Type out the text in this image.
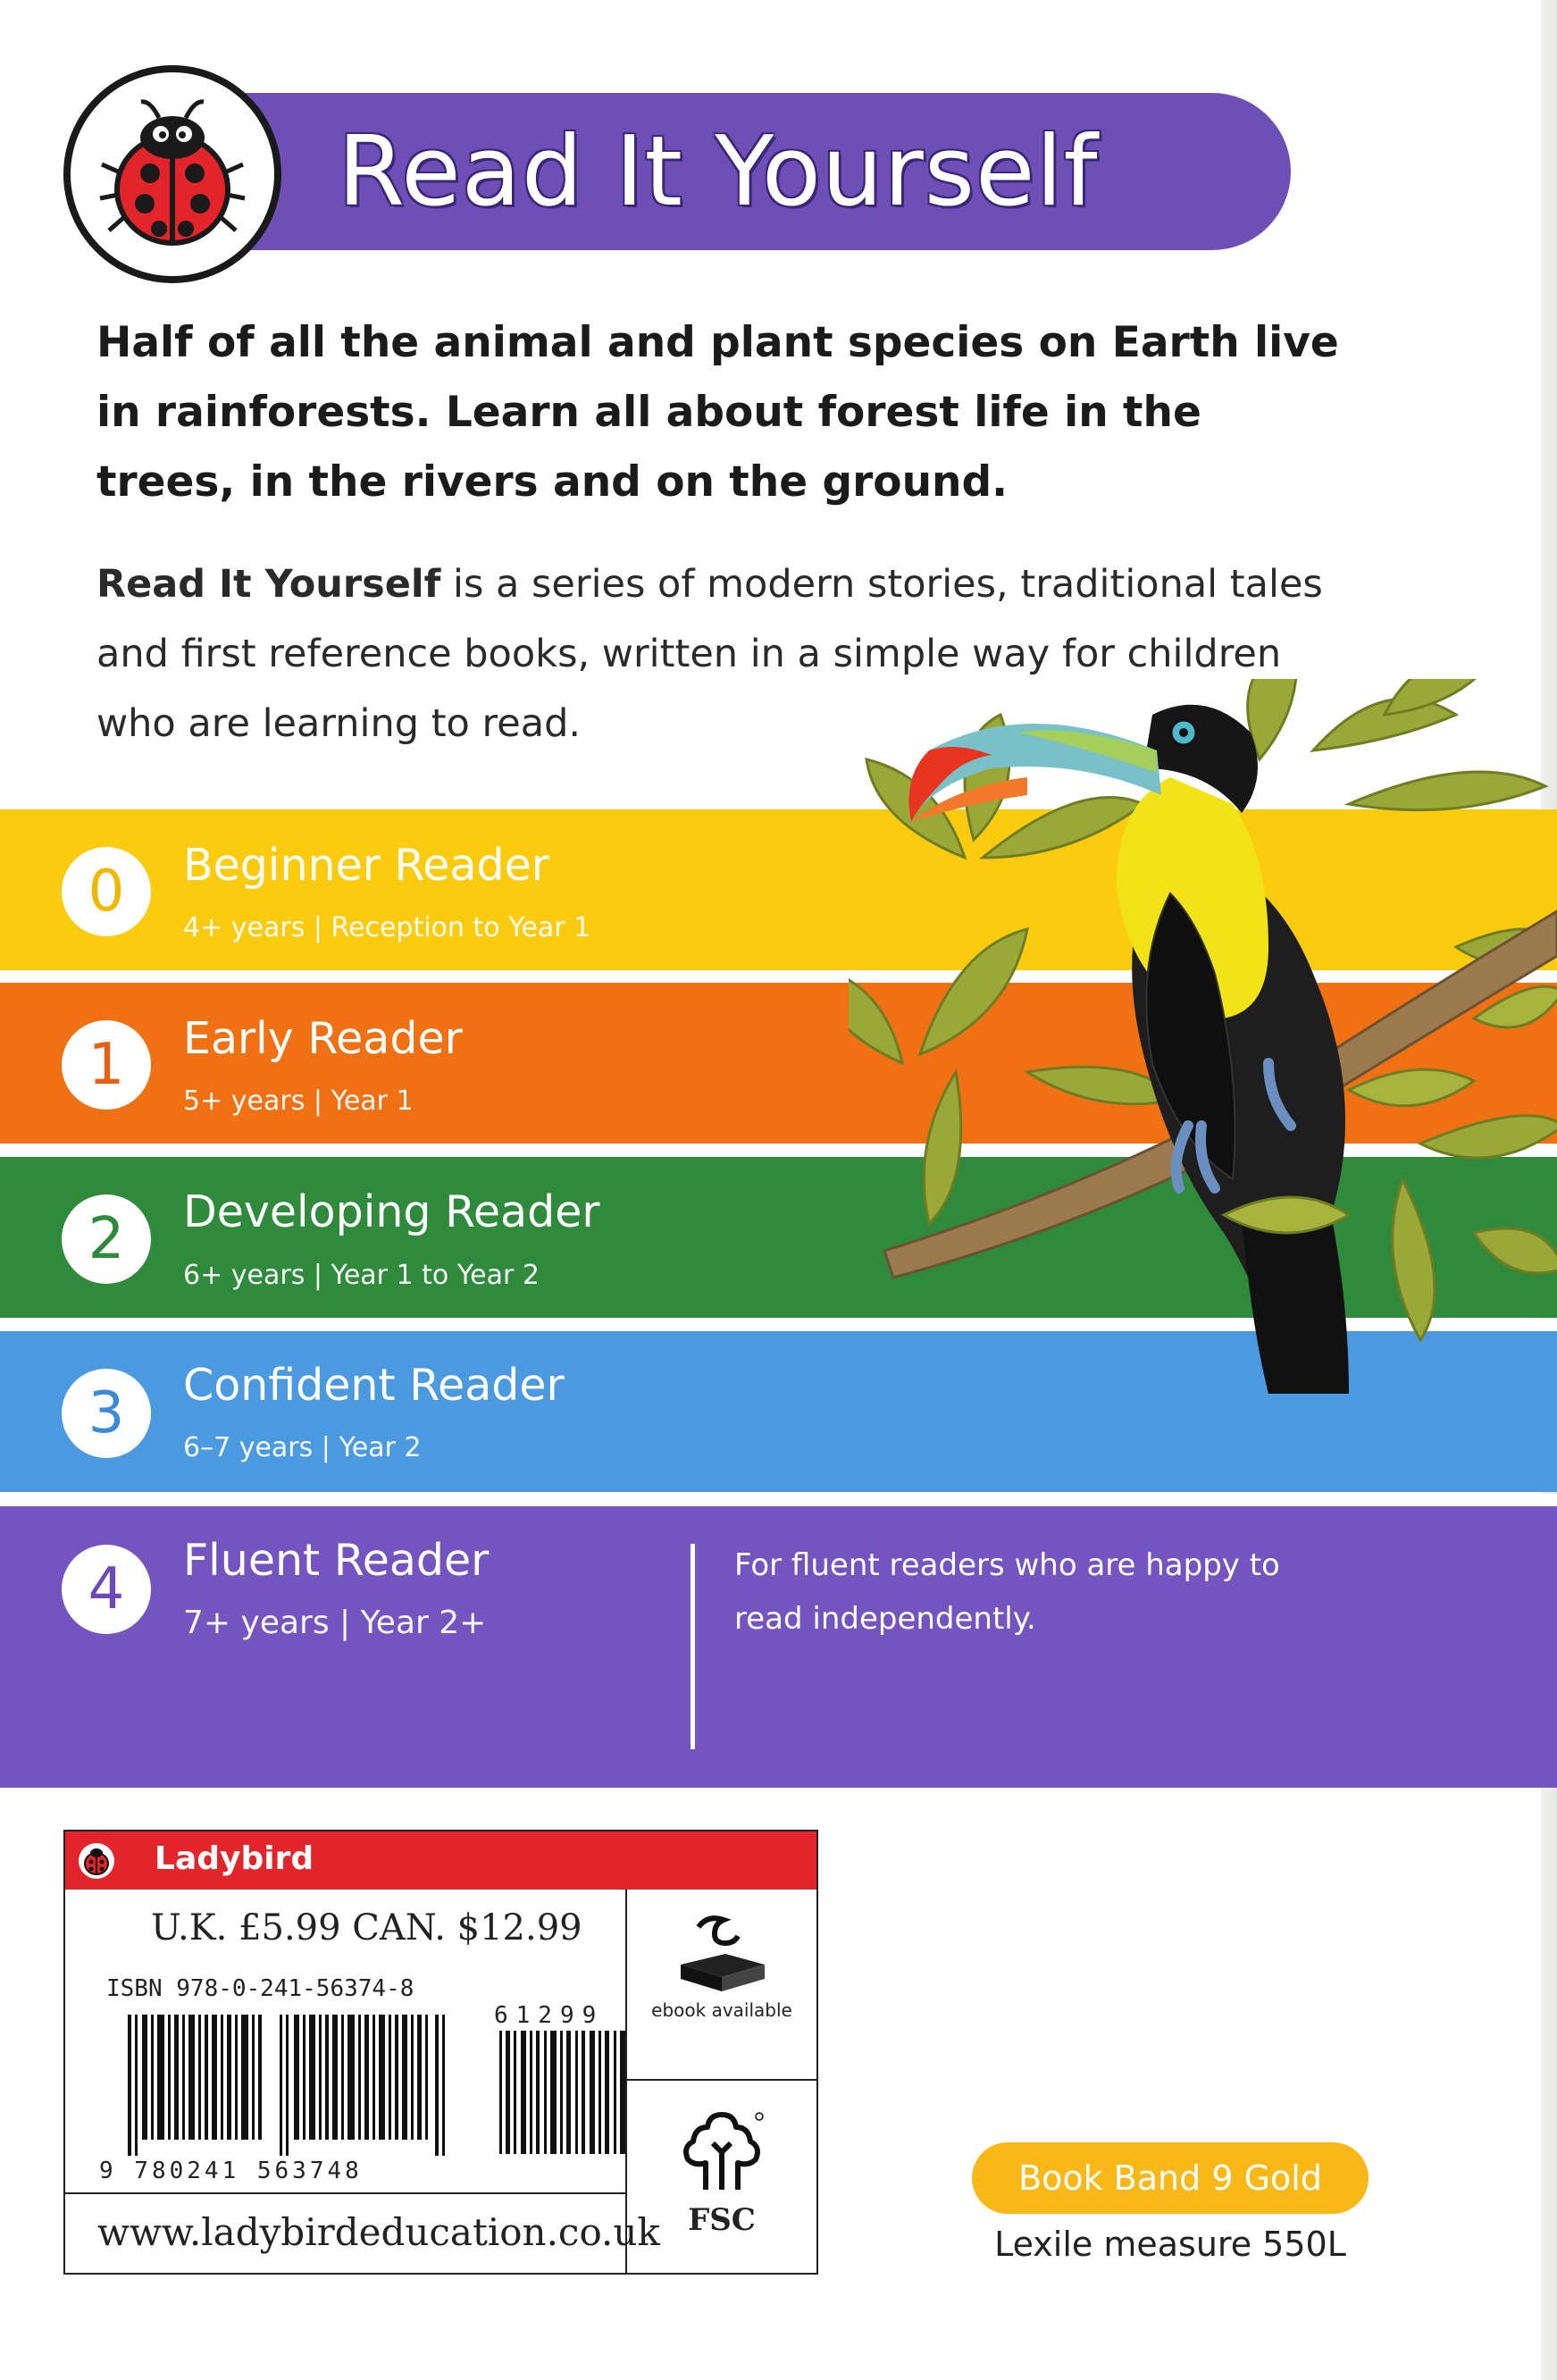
Read It Yourself
Half of all the animal and plant species on Earth live in rainforests. Learn all about forest life in the trees, in the rivers and on the ground.
Read It Yourself is a series of modern stories, traditional tales and first reference books, written in a simple way for children who are learning to read.
0	Beginner Reader
4+ years | Reception to Year 1
1	Early Reader
5+ years | Year 1
2	Developing Reader
6+ years | Year 1 to Year 2
3	Confident Reader
6–7 years | Year 2
4	Fluent Reader
7+ years | Year 2+
For fluent readers who are happy to read independently.
Ladybird
U.K. £5.99 CAN. $12.99
ISBN 978-0-241-56374-8
61299
9 780241 563748
ebook available
FSC
www.ladybirdeducation.co.uk
Book Band 9 Gold
Lexile measure 550L
